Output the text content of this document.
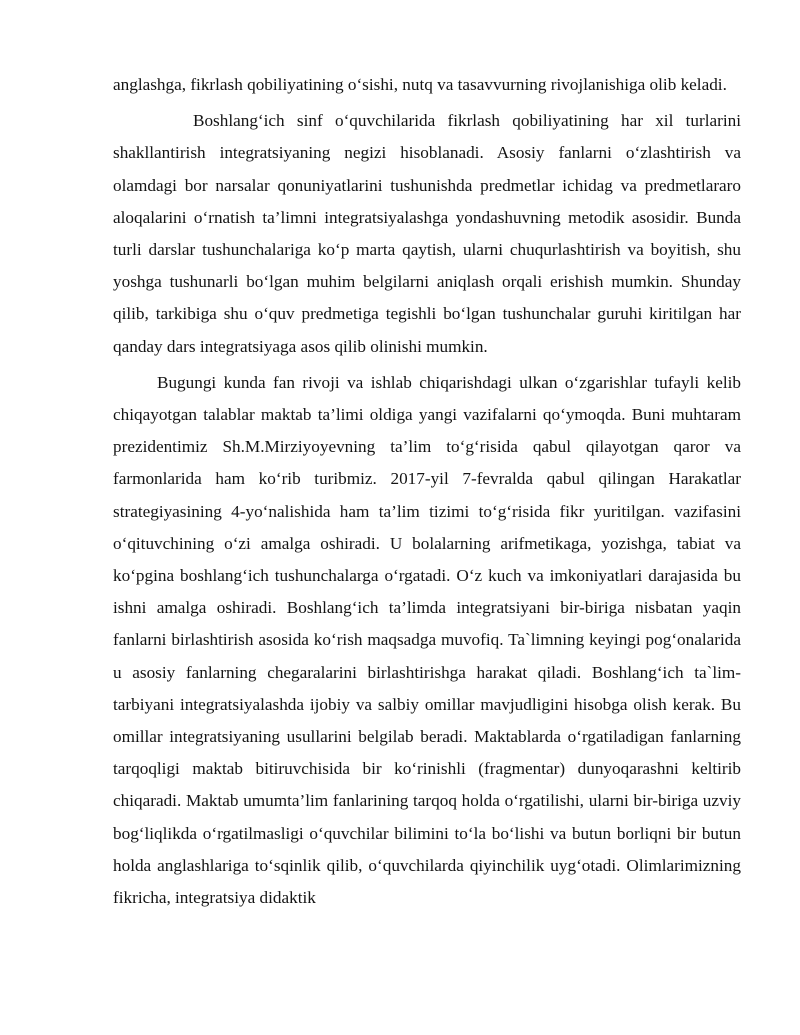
anglashga, fikrlash qobiliyatining o‘sishi, nutq va tasavvurning rivojlanishiga olib keladi.

Boshlang‘ich sinf o‘quvchilarida fikrlash qobiliyatining har xil turlarini shakllantirish integratsiyaning negizi hisoblanadi. Asosiy fanlarni o‘zlashtirish va olamdagi bor narsalar qonuniyatlarini tushunishda predmetlar ichidag va predmetlararo aloqalarini o‘rnatish ta’limni integratsiyalashga yondashuvning metodik asosidir. Bunda turli darslar tushunchalariga ko‘p marta qaytish, ularni chuqurlashtirish va boyitish, shu yoshga tushunarli bo‘lgan muhim belgilarni aniqlash orqali erishish mumkin. Shunday qilib, tarkibiga shu o‘quv predmetiga tegishli bo‘lgan tushunchalar guruhi kiritilgan har qanday dars integratsiyaga asos qilib olinishi mumkin.

Bugungi kunda fan rivoji va ishlab chiqarishdagi ulkan o‘zgarishlar tufayli kelib chiqayotgan talablar maktab ta’limi oldiga yangi vazifalarni qo‘ymoqda. Buni muhtaram prezidentimiz Sh.M.Mirziyoyevning ta’lim to‘g‘risida qabul qilayotgan qaror va farmonlarida ham ko‘rib turibmiz. 2017-yil 7-fevralda qabul qilingan Harakatlar strategiyasining 4-yo‘nalishida ham ta’lim tizimi to‘g‘risida fikr yuritilgan. vazifasini o‘qituvchining o‘zi amalga oshiradi. U bolalarning arifmetikaga, yozishga, tabiat va ko‘pgina boshlang‘ich tushunchalarga o‘rgatadi. O‘z kuch va imkoniyatlari darajasida bu ishni amalga oshiradi. Boshlang‘ich ta’limda integratsiyani bir-biriga nisbatan yaqin fanlarni birlashtirish asosida ko‘rish maqsadga muvofiq. Ta`limning keyingi pog‘onalarida u asosiy fanlarning chegaralarini birlashtirishga harakat qiladi. Boshlang‘ich ta`lim-tarbiyani integratsiyalashda ijobiy va salbiy omillar mavjudligini hisobga olish kerak. Bu omillar integratsiyaning usullarini belgilab beradi. Maktablarda o‘rgatiladigan fanlarning tarqoqligi maktab bitiruvchisida bir ko‘rinishli (fragmentar) dunyoqarashni keltirib chiqaradi. Maktab umumta’lim fanlarining tarqoq holda o‘rgatilishi, ularni bir-biriga uzviy bog‘liqlikda o‘rgatilmasligi o‘quvchilar bilimini to‘la bo‘lishi va butun borliqni bir butun holda anglashlariga to‘sqinlik qilib, o‘quvchilarda qiyinchilik uyg‘otadi. Olimlarimizning fikricha, integratsiya didaktik
